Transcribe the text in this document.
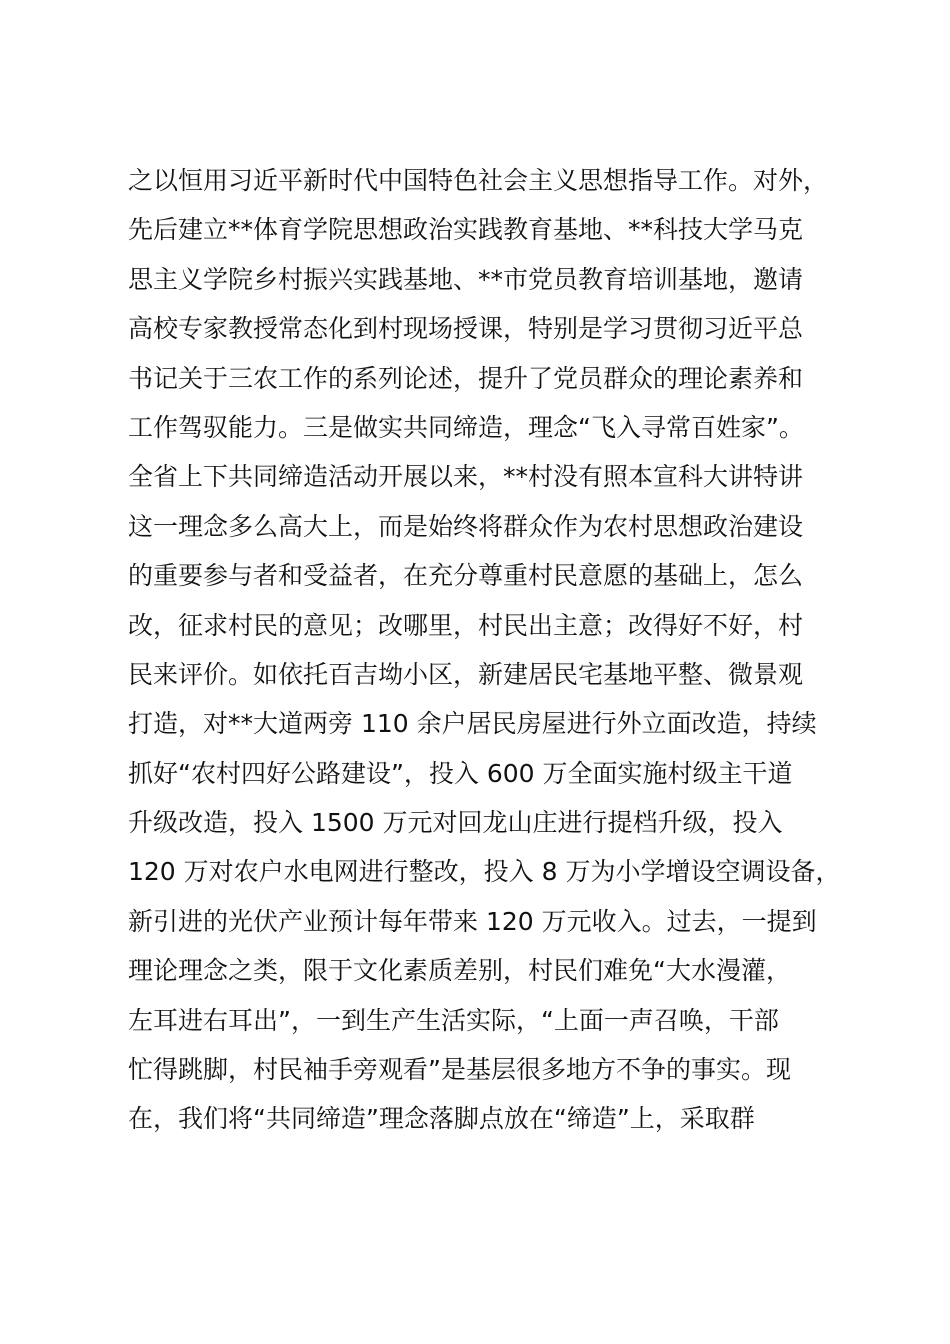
之以恒用习近平新时代中国特色社会主义思想指导工作。对外，
先后建立**体育学院思想政治实践教育基地、**科技大学马克
思主义学院乡村振兴实践基地、**市党员教育培训基地，邀请
高校专家教授常态化到村现场授课，特别是学习贯彻习近平总
书记关于三农工作的系列论述，提升了党员群众的理论素养和
工作驾驭能力。三是做实共同缔造，理念“飞入寻常百姓家”。
全省上下共同缔造活动开展以来，**村没有照本宣科大讲特讲
这一理念多么高大上，而是始终将群众作为农村思想政治建设
的重要参与者和受益者，在充分尊重村民意愿的基础上，怎么
改，征求村民的意见；改哪里，村民出主意；改得好不好，村
民来评价。如依托百吉坳小区，新建居民宅基地平整、微景观
打造，对**大道两旁 110 余户居民房屋进行外立面改造，持续
抓好“农村四好公路建设”，投入 600 万全面实施村级主干道
升级改造，投入 1500 万元对回龙山庄进行提档升级，投入
120 万对农户水电网进行整改，投入 8 万为小学增设空调设备，
新引进的光伏产业预计每年带来 120 万元收入。过去，一提到
理论理念之类，限于文化素质差别，村民们难免“大水漫灌，
左耳进右耳出”，一到生产生活实际，“上面一声召唤，干部
忙得跳脚，村民袖手旁观看”是基层很多地方不争的事实。现
在，我们将“共同缔造”理念落脚点放在“缔造”上，采取群
